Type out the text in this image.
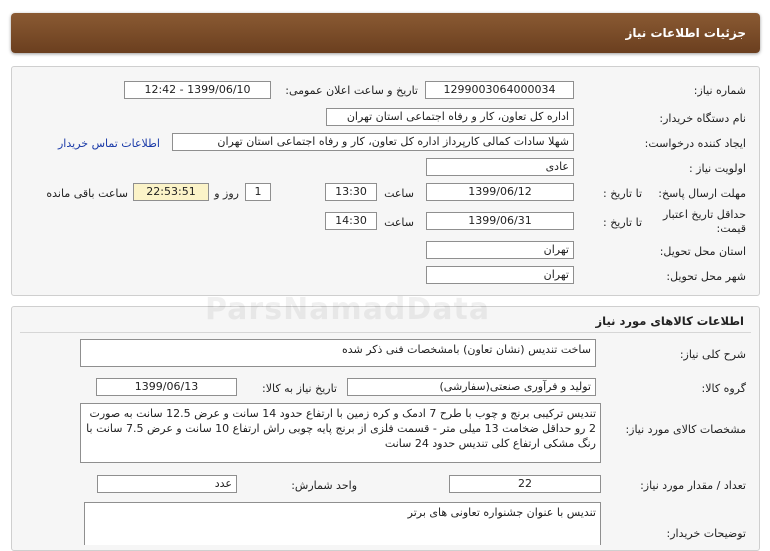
جزئیات اطلاعات نیاز
شماره نیاز:
1299003064000034
تاریخ و ساعت اعلان عمومی:
1399/06/10 - 12:42
نام دستگاه خریدار:
اداره کل تعاون، کار و رفاه اجتماعی استان تهران
ایجاد کننده درخواست:
شهلا سادات کمالی کارپرداز اداره کل تعاون، کار و رفاه اجتماعی استان تهران
اطلاعات تماس خریدار
اولویت نیاز :
عادی
مهلت ارسال پاسخ:
تا تاریخ :
1399/06/12
ساعت
13:30
1
روز و
22:53:51
ساعت باقی مانده
حداقل تاریخ اعتبار قیمت:
تا تاریخ :
1399/06/31
ساعت
14:30
استان محل تحویل:
تهران
شهر محل تحویل:
تهران
اطلاعات کالاهای مورد نیاز
شرح کلی نیاز:
ساخت تندیس (نشان تعاون) بامشخصات فنی ذکر شده
گروه کالا:
تولید و فرآوری صنعتی(سفارشی)
تاریخ نیاز به کالا:
1399/06/13
مشخصات کالای مورد نیاز:
تندیس ترکیبی برنج و چوب با طرح 7 ادمک و کره زمین با ارتفاع حدود 14 سانت و عرض 12.5 سانت به صورت 2 رو حداقل ضخامت 13 میلی متر - قسمت فلزی از برنج پایه چوبی راش ارتفاع 10 سانت و عرض 7.5 سانت با رنگ مشکی ارتفاع کلی تندیس حدود 24 سانت
تعداد / مقدار مورد نیاز:
22
واحد شمارش:
عدد
توضیحات خریدار:
تندیس با عنوان جشنواره تعاونی های برتر
